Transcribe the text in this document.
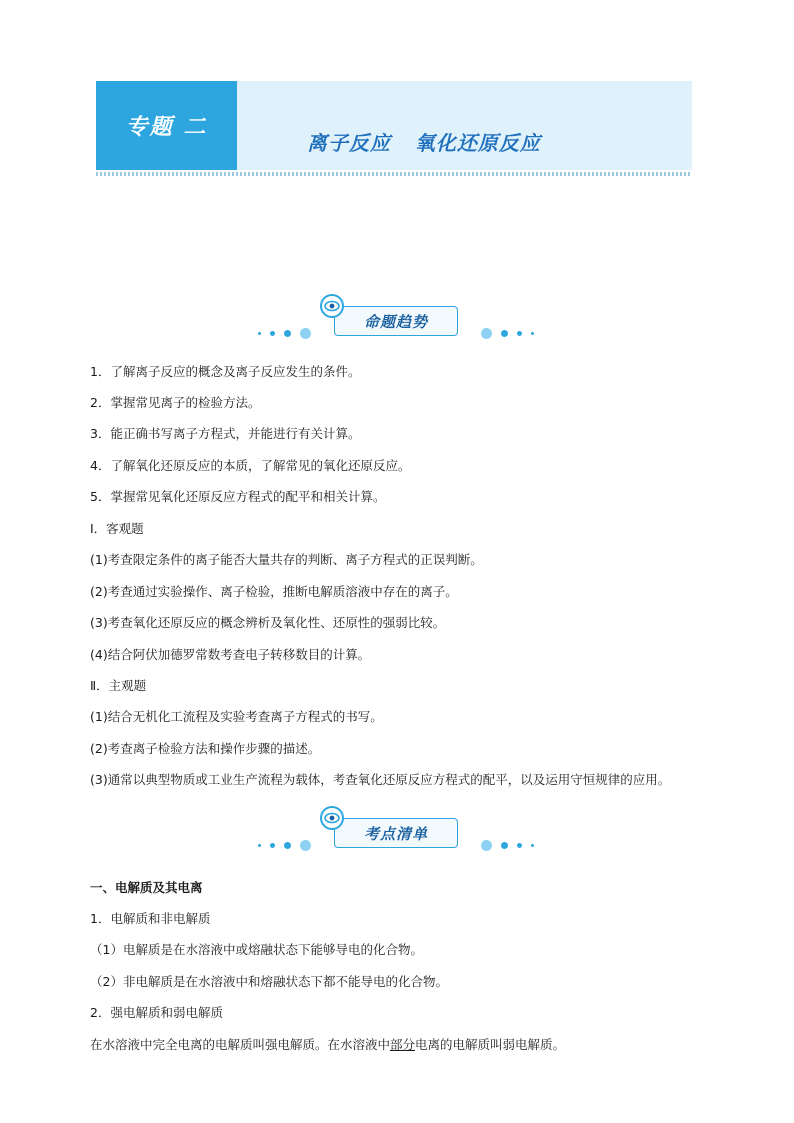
专题 二
离子反应   氧化还原反应
命题趋势
1．了解离子反应的概念及离子反应发生的条件。
2．掌握常见离子的检验方法。
3．能正确书写离子方程式，并能进行有关计算。
4．了解氧化还原反应的本质，了解常见的氧化还原反应。
5．掌握常见氧化还原反应方程式的配平和相关计算。
Ⅰ．客观题
(1)考查限定条件的离子能否大量共存的判断、离子方程式的正误判断。
(2)考查通过实验操作、离子检验，推断电解质溶液中存在的离子。
(3)考查氧化还原反应的概念辨析及氧化性、还原性的强弱比较。
(4)结合阿伏加德罗常数考查电子转移数目的计算。
Ⅱ．主观题
(1)结合无机化工流程及实验考查离子方程式的书写。
(2)考查离子检验方法和操作步骤的描述。
(3)通常以典型物质或工业生产流程为载体，考查氧化还原反应方程式的配平，以及运用守恒规律的应用。
考点清单
一、电解质及其电离
1．电解质和非电解质
（1）电解质是在水溶液中或熔融状态下能够导电的化合物。
（2）非电解质是在水溶液中和熔融状态下都不能导电的化合物。
2．强电解质和弱电解质
在水溶液中完全电离的电解质叫强电解质。在水溶液中部分电离的电解质叫弱电解质。
